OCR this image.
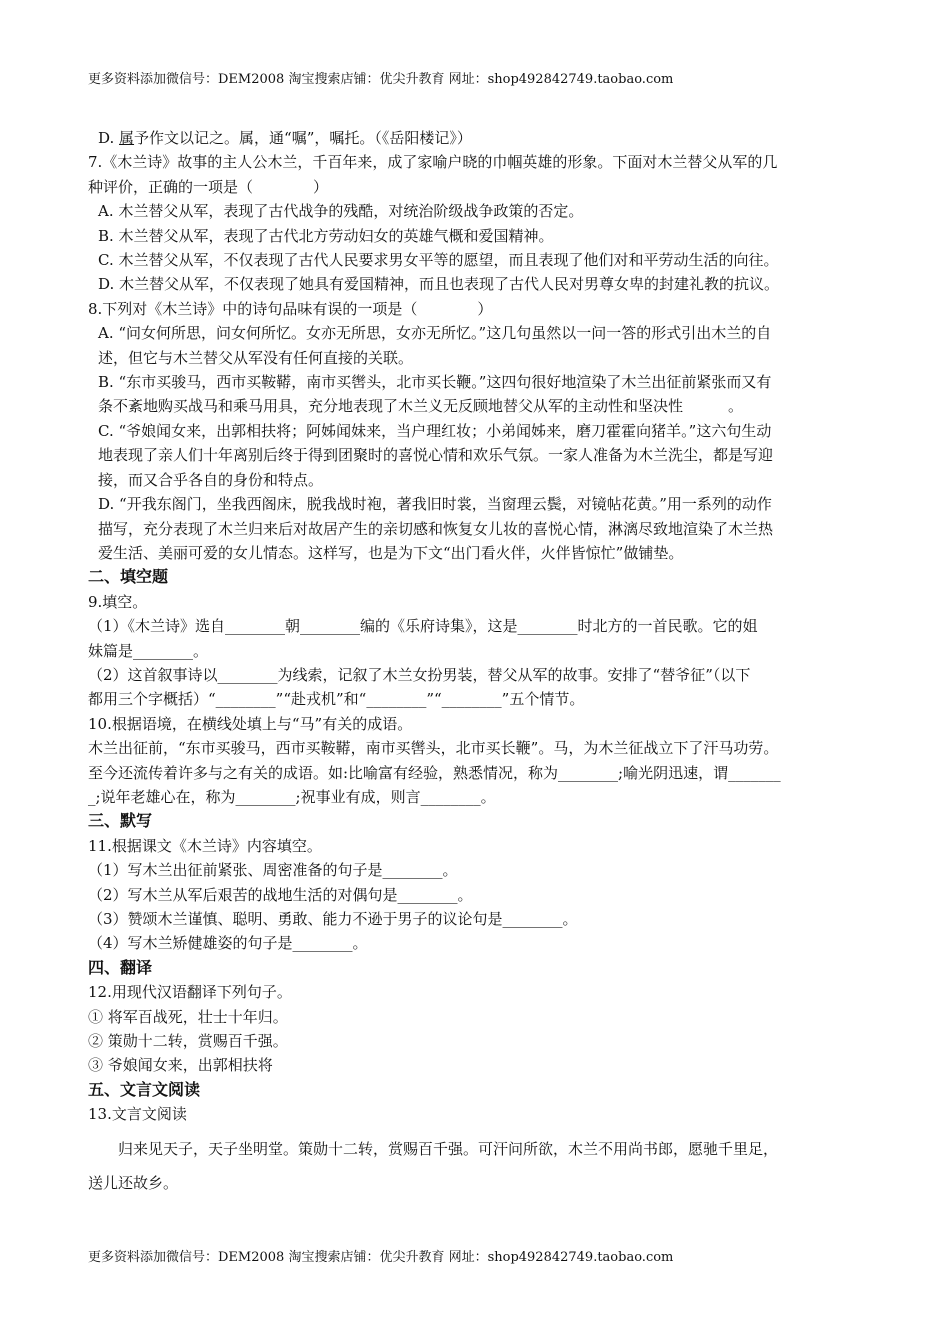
更多资料添加微信号：DEM2008 淘宝搜索店铺：优尖升教育 网址：shop492842749.taobao.com
D. 属予作文以记之。属，通“嘱”，嘱托。（《岳阳楼记》）
7.《木兰诗》故事的主人公木兰，千百年来，成了家喻户晓的巾帼英雄的形象。下面对木兰替父从军的几
种评价，正确的一项是（　　　　）
A. 木兰替父从军，表现了古代战争的残酷，对统治阶级战争政策的否定。
B. 木兰替父从军，表现了古代北方劳动妇女的英雄气概和爱国精神。
C. 木兰替父从军，不仅表现了古代人民要求男女平等的愿望，而且表现了他们对和平劳动生活的向往。
D. 木兰替父从军，不仅表现了她具有爱国精神，而且也表现了古代人民对男尊女卑的封建礼教的抗议。
8.下列对《木兰诗》中的诗句品味有误的一项是（　　　　）
A. “问女何所思，问女何所忆。女亦无所思，女亦无所忆。”这几句虽然以一问一答的形式引出木兰的自
述，但它与木兰替父从军没有任何直接的关联。
B. “东市买骏马，西市买鞍鞯，南市买辔头，北市买长鞭。”这四句很好地渲染了木兰出征前紧张而又有
条不紊地购买战马和乘马用具，充分地表现了木兰义无反顾地替父从军的主动性和坚决性　　　。
C. “爷娘闻女来，出郭相扶将；阿姊闻妹来，当户理红妆；小弟闻姊来，磨刀霍霍向猪羊。”这六句生动
地表现了亲人们十年离别后终于得到团聚时的喜悦心情和欢乐气氛。一家人准备为木兰洗尘，都是写迎
接，而又合乎各自的身份和特点。
D. “开我东阁门，坐我西阁床，脱我战时袍，著我旧时裳，当窗理云鬓，对镜帖花黄。”用一系列的动作
描写，充分表现了木兰归来后对故居产生的亲切感和恢复女儿妆的喜悦心情，淋漓尽致地渲染了木兰热
爱生活、美丽可爱的女儿情态。这样写，也是为下文“出门看火伴，火伴皆惊忙”做铺垫。
二、填空题
9.填空。
（1）《木兰诗》选自________朝________编的《乐府诗集》，这是________时北方的一首民歌。它的姐
妹篇是________。
（2）这首叙事诗以________为线索，记叙了木兰女扮男装，替父从军的故事。安排了“替爷征”（以下
都用三个字概括）“________”“赴戎机”和“________”“________”五个情节。
10.根据语境，在横线处填上与“马”有关的成语。
木兰出征前，“东市买骏马，西市买鞍鞯，南市买辔头，北市买长鞭”。马，为木兰征战立下了汗马功劳。
至今还流传着许多与之有关的成语。如:比喻富有经验，熟悉情况，称为________;喻光阴迅速，谓_______
_;说年老雄心在，称为________;祝事业有成，则言________。
三、默写
11.根据课文《木兰诗》内容填空。
（1）写木兰出征前紧张、周密准备的句子是________。
（2）写木兰从军后艰苦的战地生活的对偶句是________。
（3）赞颂木兰谨慎、聪明、勇敢、能力不逊于男子的议论句是________。
（4）写木兰矫健雄姿的句子是________。
四、翻译
12.用现代汉语翻译下列句子。
① 将军百战死，壮士十年归。
② 策勋十二转，赏赐百千强。
③ 爷娘闻女来，出郭相扶将
五、文言文阅读
13.文言文阅读
　　归来见天子，天子坐明堂。策勋十二转，赏赐百千强。可汗问所欲，木兰不用尚书郎，愿驰千里足，
送儿还故乡。
更多资料添加微信号：DEM2008 淘宝搜索店铺：优尖升教育 网址：shop492842749.taobao.com
